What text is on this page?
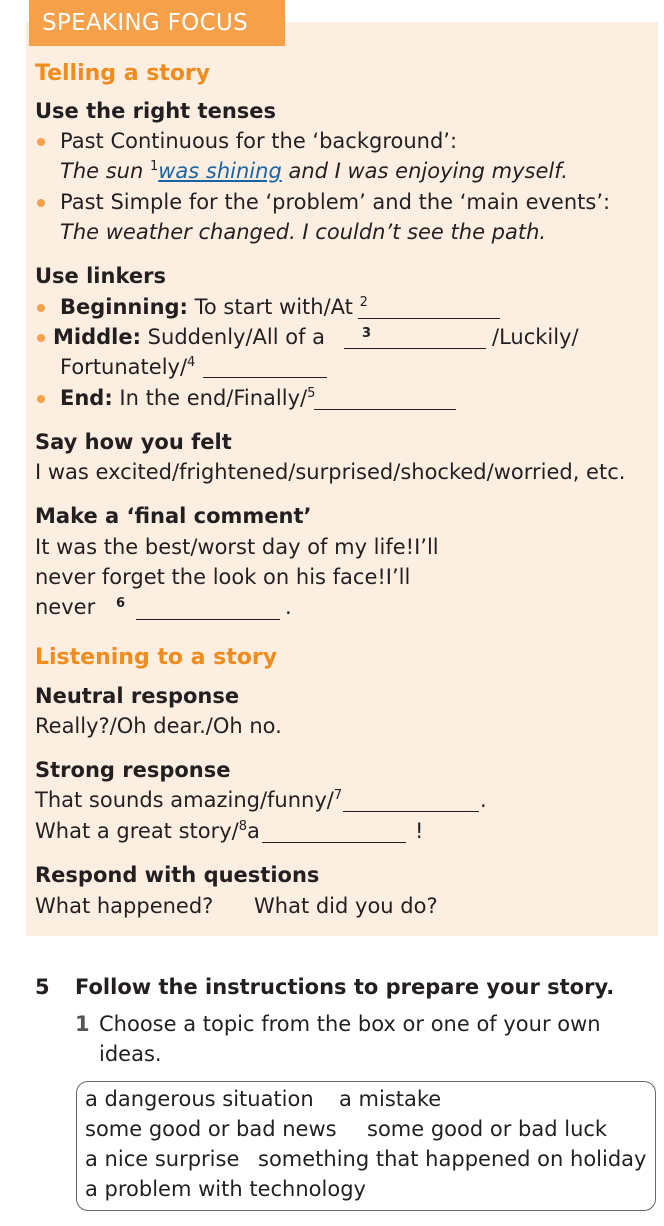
SPEAKING FOCUS
Telling a story
Use the right tenses
Past Continuous for the ‘background’:
The sun $^1$was shining and I was enjoying myself.
Past Simple for the ‘problem’ and the ‘main events’:
The weather changed. I couldn’t see the path.
Use linkers
Beginning: To start with/At $^2$
Middle: Suddenly/All of a	3	/Luckily/
Fortunately/$^4$
End: In the end/Finally/$^5$
Say how you felt
I was excited/frightened/surprised/shocked/worried, etc.
Make a ‘final comment’
It was the best/worst day of my life!I’ll
never forget the look on his face!I’ll
never 6	.
Listening to a story
Neutral response
Really?/Oh dear./Oh no.
Strong response
That sounds amazing/funny/$^7$	.
What a great story/$^8$a	!
Respond with questions
What happened? What did you do?
5 Follow the instructions to prepare your story.
1 Choose a topic from the box or one of your own
ideas.
a dangerous situation a mistake
some good or bad news some good or bad luck
a nice surprise something that happened on holiday
a problem with technology
